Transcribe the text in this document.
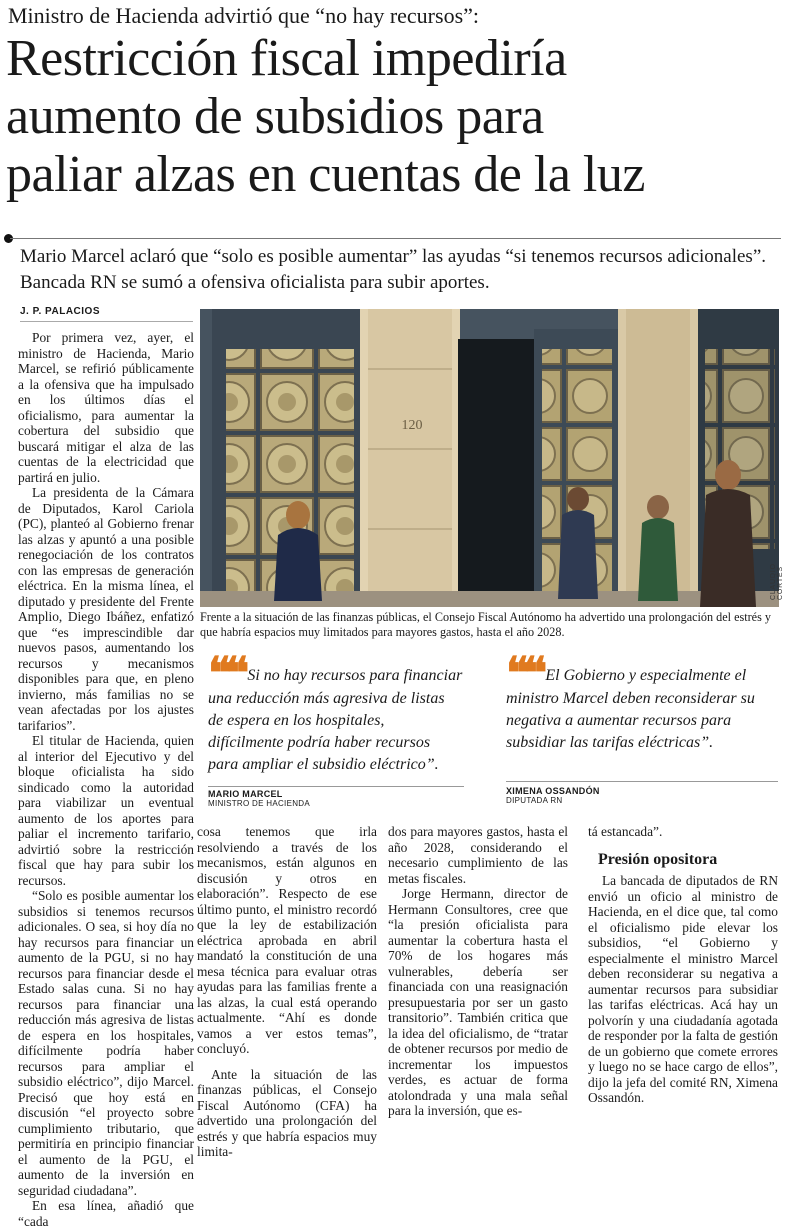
Ministro de Hacienda advirtió que “no hay recursos”:
Restricción fiscal impediría
aumento de subsidios para
paliar alzas en cuentas de la luz
Mario Marcel aclaró que “solo es posible aumentar” las ayudas “si tenemos recursos adicionales”. Bancada RN se sumó a ofensiva oficialista para subir aportes.
J. P. PALACIOS

Por primera vez, ayer, el ministro de Hacienda, Mario Marcel, se refirió públicamente a la ofensiva que ha impulsado en los últimos días el oficialismo, para aumentar la cobertura del subsidio que buscará mitigar el alza de las cuentas de la electricidad que partirá en julio.

La presidenta de la Cámara de Diputados, Karol Cariola (PC), planteó al Gobierno frenar las alzas y apuntó a una posible renegociación de los contratos con las empresas de generación eléctrica. En la misma línea, el diputado y presidente del Frente Amplio, Diego Ibáñez, enfatizó que “es imprescindible dar nuevos pasos, aumentando los recursos y mecanismos disponibles para que, en pleno invierno, más familias no se vean afectadas por los ajustes tarifarios”.

El titular de Hacienda, quien al interior del Ejecutivo y del bloque oficialista ha sido sindicado como la autoridad para viabilizar un eventual aumento de los aportes para paliar el incremento tarifario, advirtió sobre la restricción fiscal que hay para subir los recursos.

“Solo es posible aumentar los subsidios si tenemos recursos adicionales. O sea, si hoy día no hay recursos para financiar un aumento de la PGU, si no hay recursos para financiar desde el Estado salas cuna. Si no hay recursos para financiar una reducción más agresiva de listas de espera en los hospitales, difícilmente podría haber recursos para ampliar el subsidio eléctrico”, dijo Marcel. Precisó que hoy está en discusión “el proyecto sobre cumplimiento tributario, que permitiría en principio financiar el aumento de la PGU, el aumento de la inversión en seguridad ciudadana”.

En esa línea, añadió que “cada

120
CLAUDIO CORTÉS
Frente a la situación de las finanzas públicas, el Consejo Fiscal Autónomo ha advertido una prolongación del estrés y que habría espacios muy limitados para mayores gastos, hasta el año 2028.
❝❝ Si no hay recursos para financiar una reducción más agresiva de listas de espera en los hospitales, difícilmente podría haber recursos para ampliar el subsidio eléctrico”.
MARIO MARCEL
MINISTRO DE HACIENDA
❝❝ El Gobierno y especialmente el ministro Marcel deben reconsiderar su negativa a aumentar recursos para subsidiar las tarifas eléctricas”.
XIMENA OSSANDÓN
DIPUTADA RN

cosa tenemos que irla resolviendo a través de los mecanismos, están algunos en discusión y otros en elaboración”. Respecto de ese último punto, el ministro recordó que la ley de estabilización eléctrica aprobada en abril mandató la constitución de una mesa técnica para evaluar otras ayudas para las familias frente a las alzas, la cual está operando actualmente. “Ahí es donde vamos a ver estos temas”, concluyó.

Ante la situación de las finanzas públicas, el Consejo Fiscal Autónomo (CFA) ha advertido una prolongación del estrés y que habría espacios muy limita-

dos para mayores gastos, hasta el año 2028, considerando el necesario cumplimiento de las metas fiscales.

Jorge Hermann, director de Hermann Consultores, cree que “la presión oficialista para aumentar la cobertura hasta el 70% de los hogares más vulnerables, debería ser financiada con una reasignación presupuestaria por ser un gasto transitorio”. También critica que la idea del oficialismo, de “tratar de obtener recursos por medio de incrementar los impuestos verdes, es actuar de forma atolondrada y una mala señal para la inversión, que es-

tá estancada”.

Presión opositora

La bancada de diputados de RN envió un oficio al ministro de Hacienda, en el dice que, tal como el oficialismo pide elevar los subsidios, “el Gobierno y especialmente el ministro Marcel deben reconsiderar su negativa a aumentar recursos para subsidiar las tarifas eléctricas. Acá hay un polvorín y una ciudadanía agotada de responder por la falta de gestión de un gobierno que comete errores y luego no se hace cargo de ellos”, dijo la jefa del comité RN, Ximena Ossandón.
